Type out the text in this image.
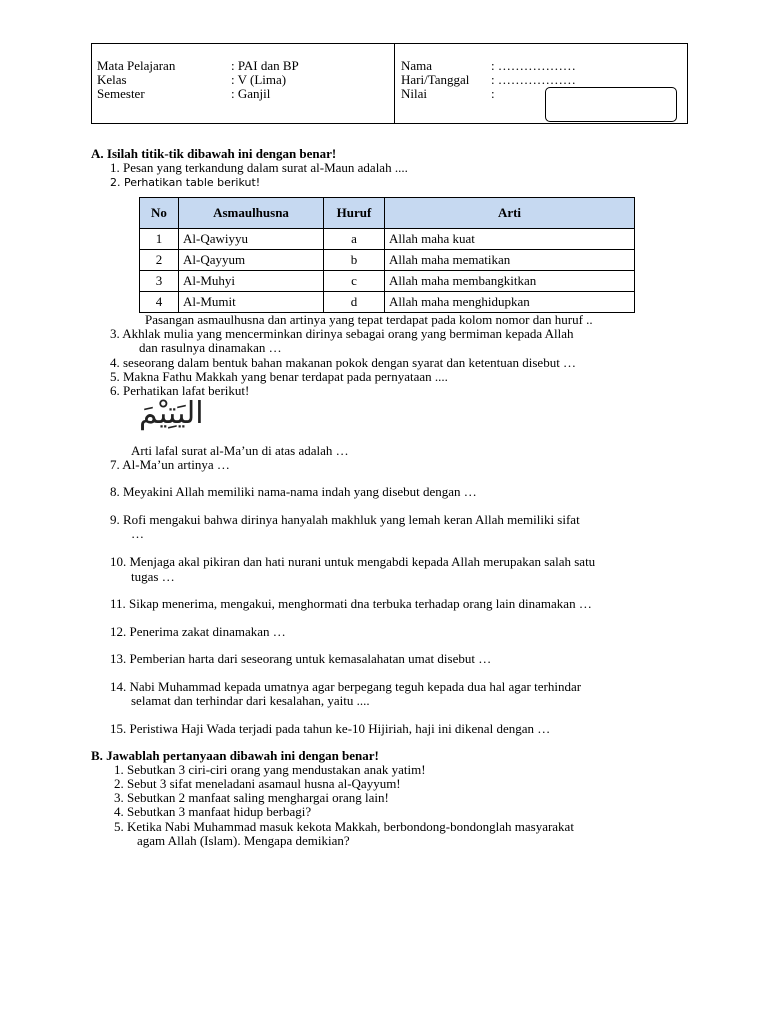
Mata Pelajaran	: PAI dan BP
Kelas	: V (Lima)
Semester	: Ganjil
Nama	: ………………
Hari/Tanggal : ………………
Nilai	:
A. Isilah titik-tik dibawah ini dengan benar!
1. Pesan yang terkandung dalam surat al-Maun adalah ....
2. Perhatikan table berikut!
No	Asmaulhusna	Huruf	Arti
1	Al-Qawiyyu	a	Allah maha kuat
2	Al-Qayyum	b	Allah maha mematikan
3	Al-Muhyi	c	Allah maha membangkitkan
4	Al-Mumit	d	Allah maha menghidupkan
Pasangan asmaulhusna dan artinya yang tepat terdapat pada kolom nomor dan huruf ..
3. Akhlak mulia yang mencerminkan dirinya sebagai orang yang bermiman kepada Allah
dan rasulnya dinamakan …
4. seseorang dalam bentuk bahan makanan pokok dengan syarat dan ketentuan disebut …
5. Makna Fathu Makkah yang benar terdapat pada pernyataan ....
6. Perhatikan lafat berikut!
اليَتِيْمَ
Arti lafal surat al-Ma’un di atas adalah …
7. Al-Ma’un artinya …
8. Meyakini Allah memiliki nama-nama indah yang disebut dengan …
9. Rofi mengakui bahwa dirinya hanyalah makhluk yang lemah keran Allah memiliki sifat
…
10. Menjaga akal pikiran dan hati nurani untuk mengabdi kepada Allah merupakan salah satu
tugas …
11. Sikap menerima, mengakui, menghormati dna terbuka terhadap orang lain dinamakan …
12. Penerima zakat dinamakan …
13. Pemberian harta dari seseorang untuk kemasalahatan umat disebut …
14. Nabi Muhammad kepada umatnya agar berpegang teguh kepada dua hal agar terhindar
selamat dan terhindar dari kesalahan, yaitu ....
15. Peristiwa Haji Wada terjadi pada tahun ke-10 Hijiriah, haji ini dikenal dengan …
B. Jawablah pertanyaan dibawah ini dengan benar!
1. Sebutkan 3 ciri-ciri orang yang mendustakan anak yatim!
2. Sebut 3 sifat meneladani asamaul husna al-Qayyum!
3. Sebutkan 2 manfaat saling menghargai orang lain!
4. Sebutkan 3 manfaat hidup berbagi?
5. Ketika Nabi Muhammad masuk kekota Makkah, berbondong-bondonglah masyarakat
agam Allah (Islam). Mengapa demikian?
